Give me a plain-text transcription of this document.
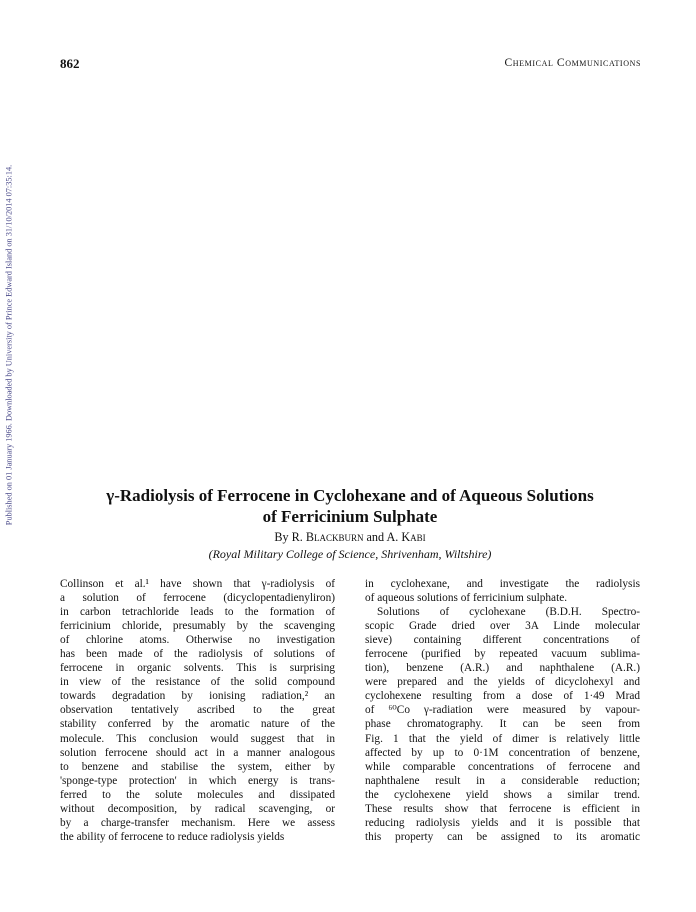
Published on 01 January 1966. Downloaded by University of Prince Edward Island on 31/10/2014 07:35:14.
862	Chemical Communications
γ-Radiolysis of Ferrocene in Cyclohexane and of Aqueous Solutions
of Ferricinium Sulphate
By R. Blackburn and A. Kabi
(Royal Military College of Science, Shrivenham, Wiltshire)
Collinson et al.¹ have shown that γ-radiolysis of
a solution of ferrocene (dicyclopentadienyliron)
in carbon tetrachloride leads to the formation of
ferricinium chloride, presumably by the scavenging
of chlorine atoms. Otherwise no investigation
has been made of the radiolysis of solutions of
ferrocene in organic solvents. This is surprising
in view of the resistance of the solid compound
towards degradation by ionising radiation,² an
observation tentatively ascribed to the great
stability conferred by the aromatic nature of the
molecule. This conclusion would suggest that in
solution ferrocene should act in a manner analogous
to benzene and stabilise the system, either by
'sponge-type protection' in which energy is trans-
ferred to the solute molecules and dissipated
without decomposition, by radical scavenging, or
by a charge-transfer mechanism. Here we assess
the ability of ferrocene to reduce radiolysis yields
in cyclohexane, and investigate the radiolysis
of aqueous solutions of ferricinium sulphate.
Solutions of cyclohexane (B.D.H. Spectro-
scopic Grade dried over 3A Linde molecular
sieve) containing different concentrations of
ferrocene (purified by repeated vacuum sublima-
tion), benzene (A.R.) and naphthalene (A.R.)
were prepared and the yields of dicyclohexyl and
cyclohexene resulting from a dose of 1·49 Mrad
of ⁶⁰Co γ-radiation were measured by vapour-
phase chromatography. It can be seen from
Fig. 1 that the yield of dimer is relatively little
affected by up to 0·1M concentration of benzene,
while comparable concentrations of ferrocene and
naphthalene result in a considerable reduction;
the cyclohexene yield shows a similar trend.
These results show that ferrocene is efficient in
reducing radiolysis yields and it is possible that
this property can be assigned to its aromatic
